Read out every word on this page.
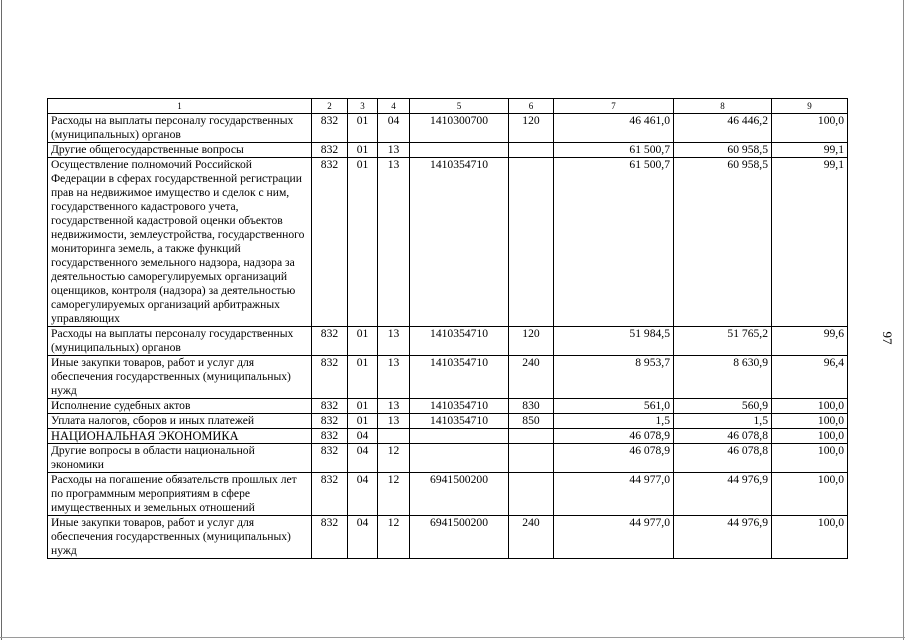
1	2	3	4	5	6	7	8	9
Расходы на выплаты персоналу государственных (муниципальных) органов	832	01	04	1410300700	120	46 461,0	46 446,2	100,0
Другие общегосударственные вопросы	832	01	13			61 500,7	60 958,5	99,1
Осуществление полномочий Российской Федерации в сферах государственной регистрации прав на недвижимое имущество и сделок с ним, государственного кадастрового учета, государственной кадастровой оценки объектов недвижимости, землеустройства, государственного мониторинга земель, а также функций государственного земельного надзора, надзора за деятельностью саморегулируемых организаций оценщиков, контроля (надзора) за деятельностью саморегулируемых организаций арбитражных управляющих	832	01	13	1410354710		61 500,7	60 958,5	99,1
Расходы на выплаты персоналу государственных (муниципальных) органов	832	01	13	1410354710	120	51 984,5	51 765,2	99,6
Иные закупки товаров, работ и услуг для обеспечения государственных (муниципальных) нужд	832	01	13	1410354710	240	8 953,7	8 630,9	96,4
Исполнение судебных актов	832	01	13	1410354710	830	561,0	560,9	100,0
Уплата налогов, сборов и иных платежей	832	01	13	1410354710	850	1,5	1,5	100,0
НАЦИОНАЛЬНАЯ ЭКОНОМИКА	832	04				46 078,9	46 078,8	100,0
Другие вопросы в области национальной экономики	832	04	12			46 078,9	46 078,8	100,0
Расходы на погашение обязательств прошлых лет по программным мероприятиям в сфере имущественных и земельных отношений	832	04	12	6941500200		44 977,0	44 976,9	100,0
Иные закупки товаров, работ и услуг для обеспечения государственных (муниципальных) нужд	832	04	12	6941500200	240	44 977,0	44 976,9	100,0
97
